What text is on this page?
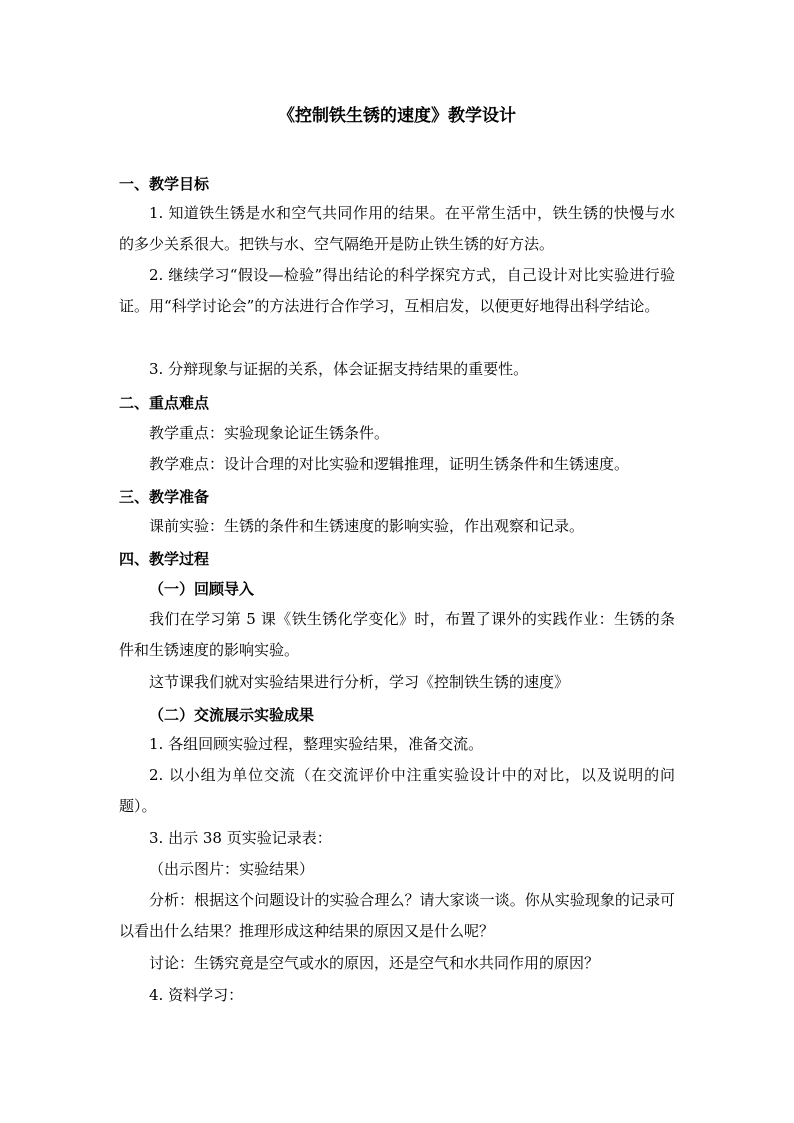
《控制铁生锈的速度》教学设计
一、教学目标
1. 知道铁生锈是水和空气共同作用的结果。在平常生活中，铁生锈的快慢与水的多少关系很大。把铁与水、空气隔绝开是防止铁生锈的好方法。
2. 继续学习“假设—检验”得出结论的科学探究方式，自己设计对比实验进行验证。用“科学讨论会”的方法进行合作学习，互相启发，以便更好地得出科学结论。
3. 分辩现象与证据的关系，体会证据支持结果的重要性。
二、重点难点
教学重点：实验现象论证生锈条件。
教学难点：设计合理的对比实验和逻辑推理，证明生锈条件和生锈速度。
三、教学准备
课前实验：生锈的条件和生锈速度的影响实验，作出观察和记录。
四、教学过程
（一）回顾导入
我们在学习第 5 课《铁生锈化学变化》时，布置了课外的实践作业：生锈的条件和生锈速度的影响实验。
这节课我们就对实验结果进行分析，学习《控制铁生锈的速度》
（二）交流展示实验成果
1. 各组回顾实验过程，整理实验结果，准备交流。
2. 以小组为单位交流（在交流评价中注重实验设计中的对比，以及说明的问题）。
3. 出示 38 页实验记录表：
（出示图片：实验结果）
分析：根据这个问题设计的实验合理么？请大家谈一谈。你从实验现象的记录可以看出什么结果？推理形成这种结果的原因又是什么呢？
讨论：生锈究竟是空气或水的原因，还是空气和水共同作用的原因？
4. 资料学习：
